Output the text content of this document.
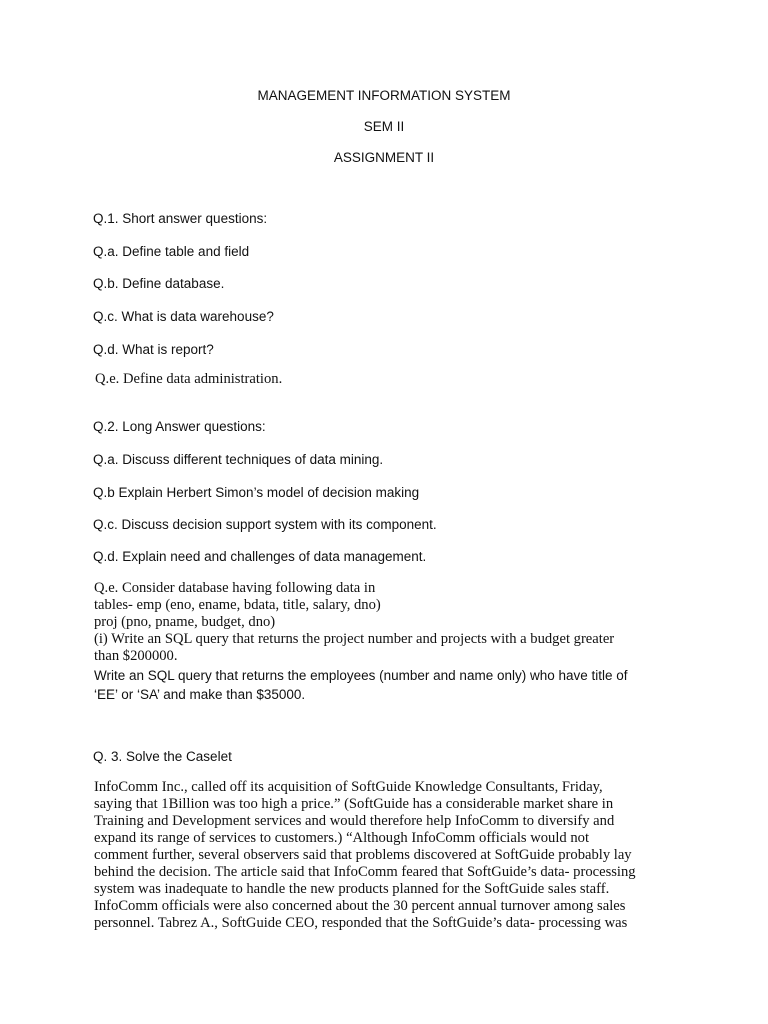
MANAGEMENT INFORMATION SYSTEM
SEM II
ASSIGNMENT II
Q.1. Short answer questions:
Q.a. Define table and field
Q.b. Define database.
Q.c. What is data warehouse?
Q.d. What is report?
Q.e. Define data administration.
Q.2. Long Answer questions:
Q.a. Discuss different techniques of data mining.
Q.b Explain Herbert Simon’s model of decision making
Q.c. Discuss decision support system with its component.
Q.d. Explain need and challenges of data management.
Q.e. Consider database having following data in
tables- emp (eno, ename, bdata, title, salary, dno)
proj (pno, pname, budget, dno)
(i) Write an SQL query that returns the project number and projects with a budget greater
than $200000.
Write an SQL query that returns the employees (number and name only) who have title of
‘EE’ or ‘SA’ and make than $35000.
Q. 3. Solve the Caselet
InfoComm Inc., called off its acquisition of SoftGuide Knowledge Consultants, Friday,
saying that 1Billion was too high a price.” (SoftGuide has a considerable market share in
Training and Development services and would therefore help InfoComm to diversify and
expand its range of services to customers.) “Although InfoComm officials would not
comment further, several observers said that problems discovered at SoftGuide probably lay
behind the decision. The article said that InfoComm feared that SoftGuide’s data- processing
system was inadequate to handle the new products planned for the SoftGuide sales staff.
InfoComm officials were also concerned about the 30 percent annual turnover among sales
personnel. Tabrez A., SoftGuide CEO, responded that the SoftGuide’s data- processing was
